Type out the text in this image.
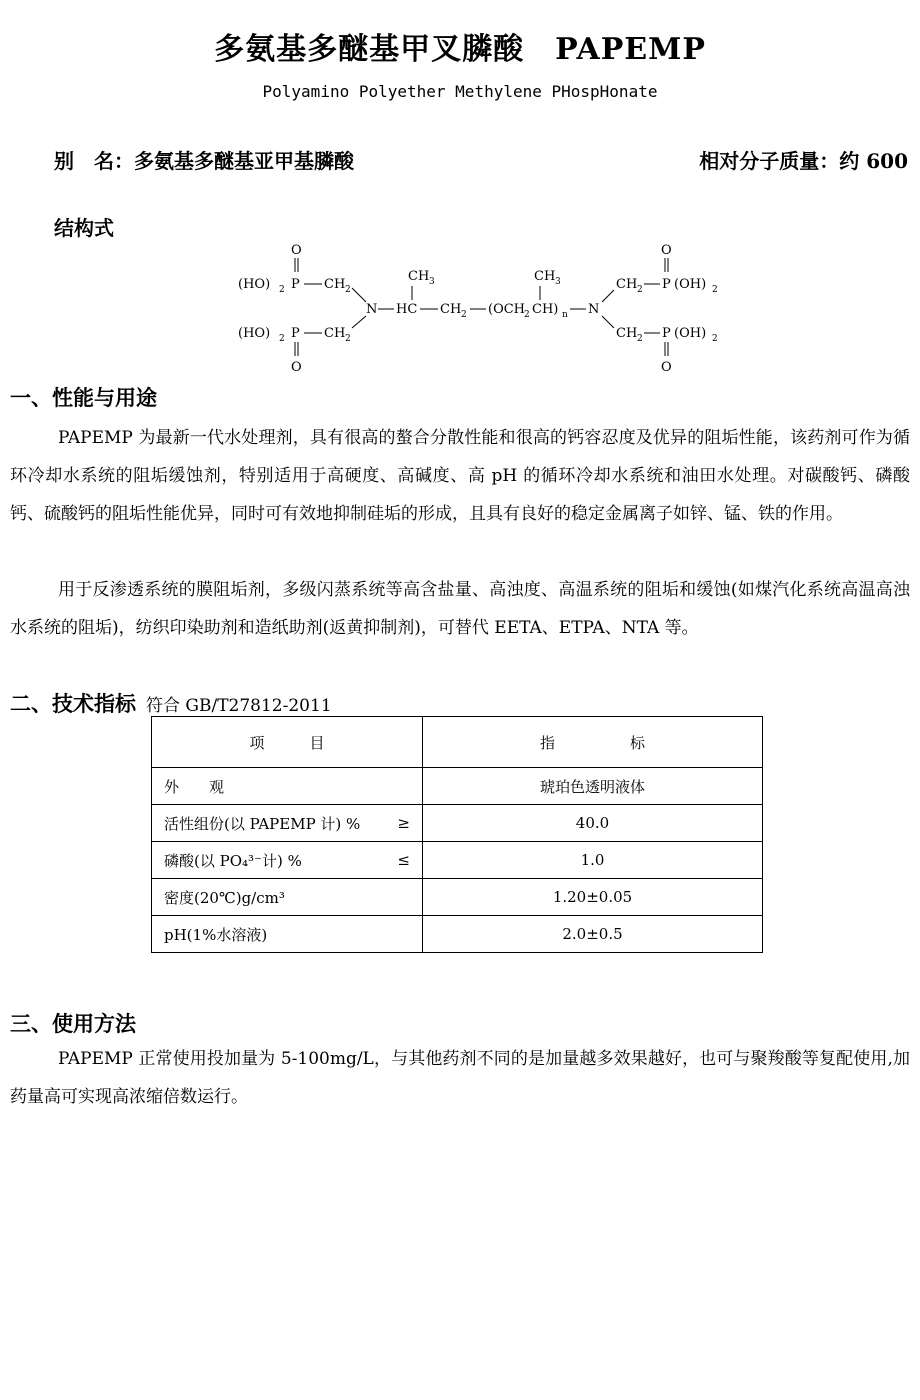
多氨基多醚基甲叉膦酸　PAPEMP
Polyamino Polyether Methylene PHospHonate
别　名：多氨基多醚基亚甲基膦酸	相对分子质量：约 600
结构式
O
(HO) 2 P CH 2
(HO) 2 P CH 2
O
N HC
CH 3
CH 2 (OCH
2 CH) n
CH 3
N
CH 2 P (OH) 2
O
CH 2 P (OH) 2
O
一、性能与用途
PAPEMP 为最新一代水处理剂，具有很高的螯合分散性能和很高的钙容忍度及优异的阻垢性能，该药剂可作为循环冷却水系统的阻垢缓蚀剂，特别适用于高硬度、高碱度、高 pH 的循环冷却水系统和油田水处理。对碳酸钙、磷酸钙、硫酸钙的阻垢性能优异，同时可有效地抑制硅垢的形成，且具有良好的稳定金属离子如锌、锰、铁的作用。
用于反渗透系统的膜阻垢剂，多级闪蒸系统等高含盐量、高浊度、高温系统的阻垢和缓蚀(如煤汽化系统高温高浊水系统的阻垢)，纺织印染助剂和造纸助剂(返黄抑制剂)，可替代 EETA、ETPA、NTA 等。
二、技术指标 符合 GB/T27812-2011
项　　　目	指　　　　　标

外　　观	琥珀色透明液体

活性组份(以 PAPEMP 计) % ≥	40.0

磷酸(以 PO₄³⁻计) % ≤	1.0

密度(20℃)g/cm³	1.20±0.05

pH(1%水溶液)	2.0±0.5
三、使用方法
PAPEMP 正常使用投加量为 5-100mg/L，与其他药剂不同的是加量越多效果越好，也可与聚羧酸等复配使用,加药量高可实现高浓缩倍数运行。
